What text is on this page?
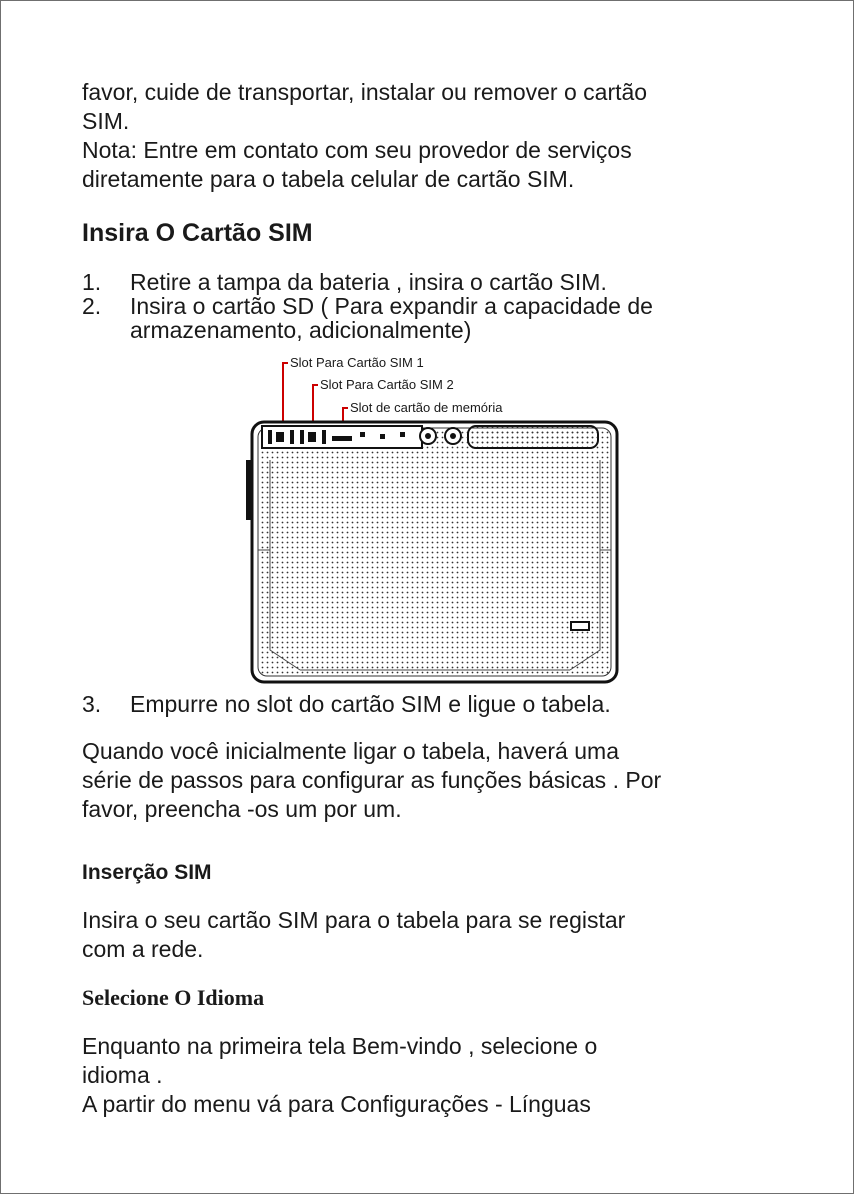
favor, cuide de transportar, instalar ou remover o cartão

SIM.

Nota: Entre em contato com seu provedor de serviços

diretamente para o tabela celular de cartão SIM.

Insira O Cartão SIM
1.	Retire a tampa da bateria , insira o cartão SIM.
2.	Insira o cartão SD ( Para expandir a capacidade de
armazenamento, adicionalmente)
Slot Para Cartão SIM 1
Slot Para Cartão SIM 2
Slot de cartão de memória
3.	Empurre no slot do cartão SIM e ligue o tabela.

Quando você inicialmente ligar o tabela, haverá uma

série de passos para configurar as funções básicas . Por

favor, preencha -os um por um.

Inserção SIM

Insira o seu cartão SIM para o tabela para se registar

com a rede.

Selecione O Idioma

Enquanto na primeira tela Bem-vindo , selecione o

idioma .

A partir do menu vá para Configurações - Línguas
